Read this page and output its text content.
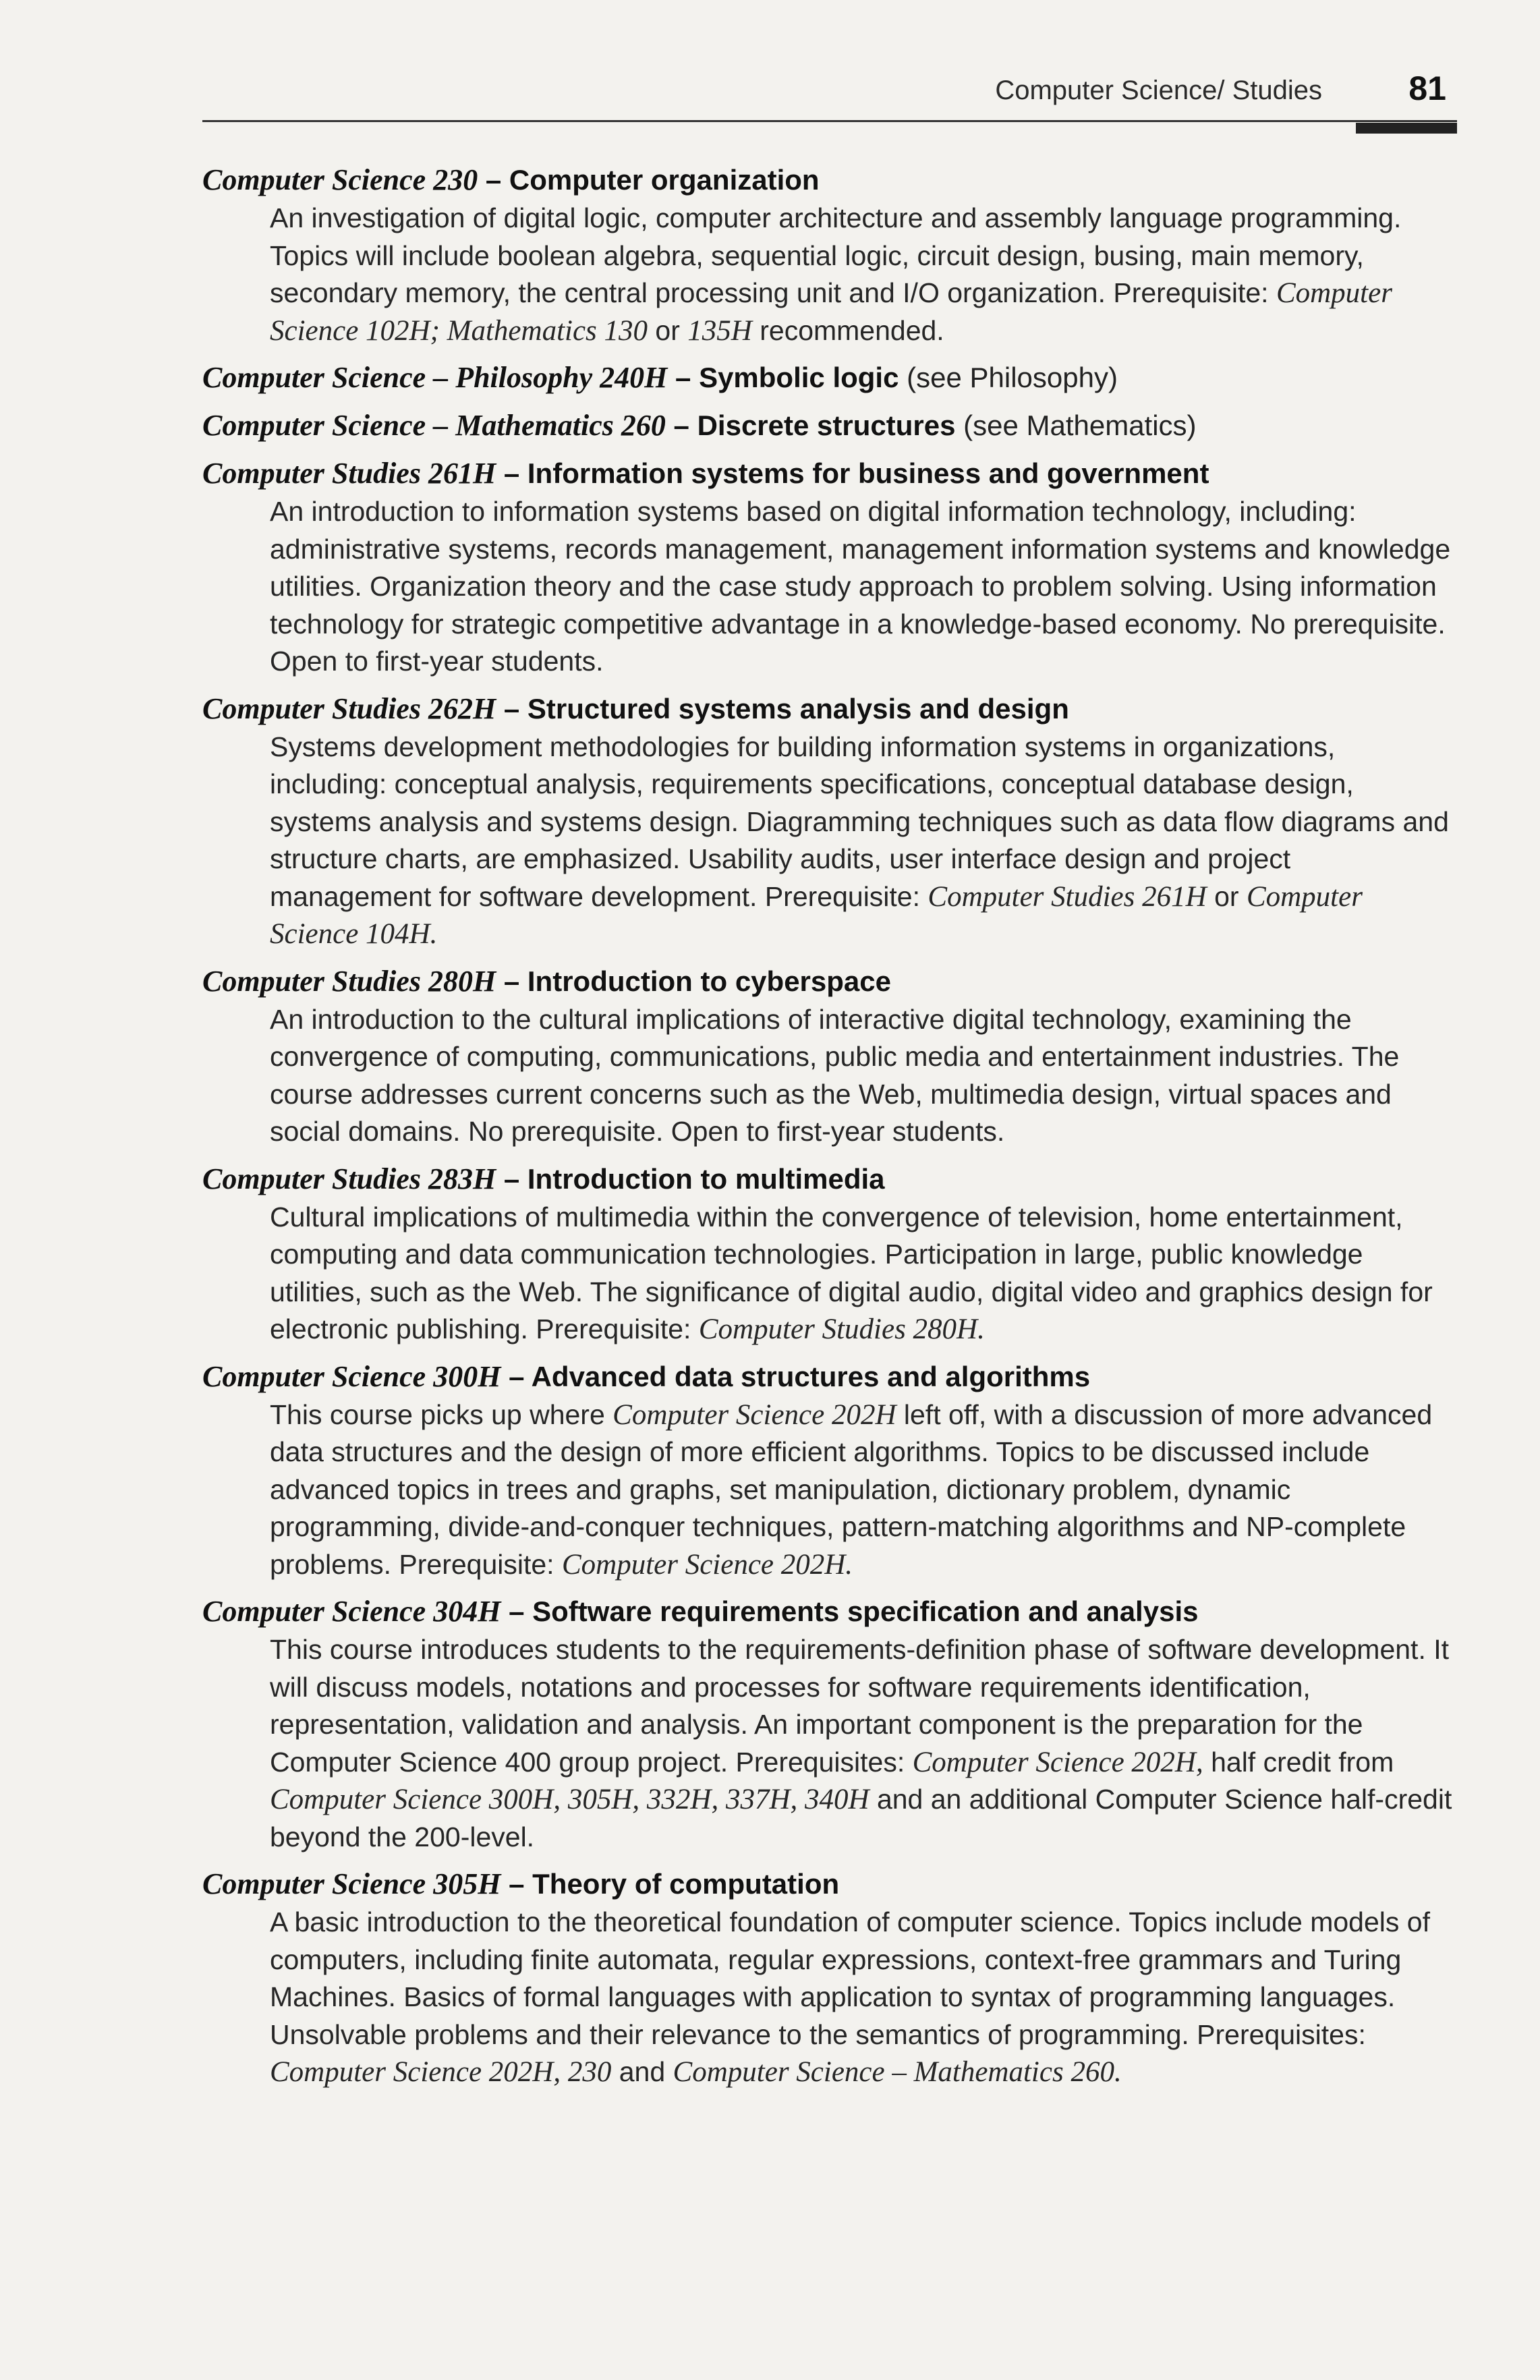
Computer Science/ Studies	81
Computer Science 230 – Computer organization
An investigation of digital logic, computer architecture and assembly language programming. Topics will include boolean algebra, sequential logic, circuit design, busing, main memory, secondary memory, the central processing unit and I/O organization. Prerequisite: Computer Science 102H; Mathematics 130 or 135H recommended.
Computer Science – Philosophy 240H – Symbolic logic (see Philosophy)
Computer Science – Mathematics 260 – Discrete structures (see Mathematics)
Computer Studies 261H – Information systems for business and government
An introduction to information systems based on digital information technology, including: administrative systems, records management, management information systems and knowledge utilities. Organization theory and the case study approach to problem solving. Using information technology for strategic competitive advantage in a knowledge-based economy. No prerequisite. Open to first-year students.
Computer Studies 262H – Structured systems analysis and design
Systems development methodologies for building information systems in organizations, including: conceptual analysis, requirements specifications, conceptual database design, systems analysis and systems design. Diagramming techniques such as data flow diagrams and structure charts, are emphasized. Usability audits, user interface design and project management for software development. Prerequisite: Computer Studies 261H or Computer Science 104H.
Computer Studies 280H – Introduction to cyberspace
An introduction to the cultural implications of interactive digital technology, examining the convergence of computing, communications, public media and entertainment industries. The course addresses current concerns such as the Web, multimedia design, virtual spaces and social domains. No prerequisite. Open to first-year students.
Computer Studies 283H – Introduction to multimedia
Cultural implications of multimedia within the convergence of television, home entertainment, computing and data communication technologies. Participation in large, public knowledge utilities, such as the Web. The significance of digital audio, digital video and graphics design for electronic publishing. Prerequisite: Computer Studies 280H.
Computer Science 300H – Advanced data structures and algorithms
This course picks up where Computer Science 202H left off, with a discussion of more advanced data structures and the design of more efficient algorithms. Topics to be discussed include advanced topics in trees and graphs, set manipulation, dictionary problem, dynamic programming, divide-and-conquer techniques, pattern-matching algorithms and NP-complete problems. Prerequisite: Computer Science 202H.
Computer Science 304H – Software requirements specification and analysis
This course introduces students to the requirements-definition phase of software development. It will discuss models, notations and processes for software requirements identification, representation, validation and analysis. An important component is the preparation for the Computer Science 400 group project. Prerequisites: Computer Science 202H, half credit from Computer Science 300H, 305H, 332H, 337H, 340H and an additional Computer Science half-credit beyond the 200-level.
Computer Science 305H – Theory of computation
A basic introduction to the theoretical foundation of computer science. Topics include models of computers, including finite automata, regular expressions, context-free grammars and Turing Machines. Basics of formal languages with application to syntax of programming languages. Unsolvable problems and their relevance to the semantics of programming. Prerequisites: Computer Science 202H, 230 and Computer Science – Mathematics 260.
